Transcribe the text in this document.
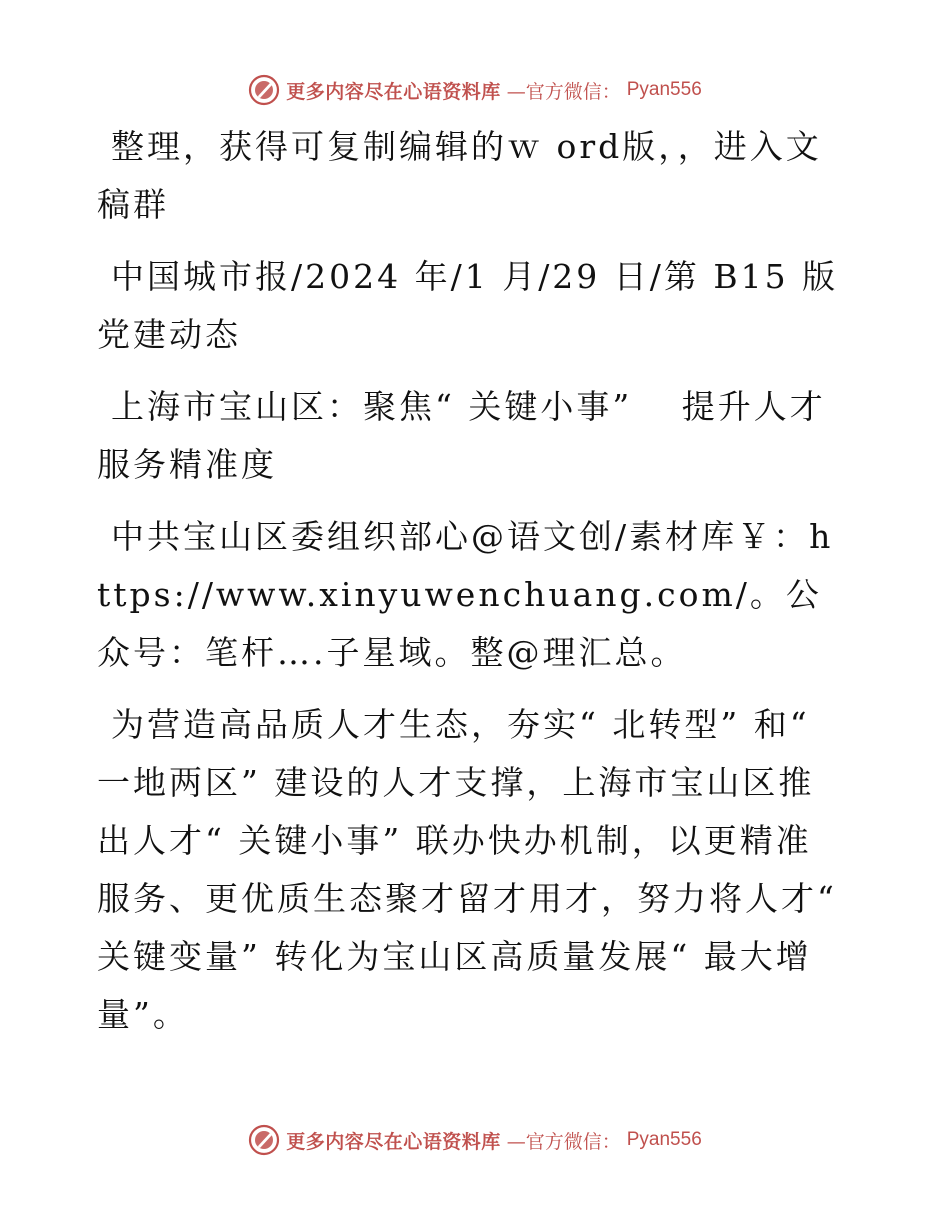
更多内容尽在心语资料库 —官方微信： Pyan556

整理，获得可复制编辑的ｗ ord版，，进入文稿群

中国城市报/2024 年/1 月/29 日/第 B15 版党建动态

上海市宝山区：聚焦“ 关键小事”　 提升人才服务精准度

中共宝山区委组织部心@语文创/素材库￥：https://www.xinyuwenchuang.com/。公众号：笔杆….子星域。整@理汇总。

为营造高品质人才生态，夯实“ 北转型” 和“ 一地两区” 建设的人才支撑，上海市宝山区推出人才“ 关键小事” 联办快办机制，以更精准服务、更优质生态聚才留才用才，努力将人才“ 关键变量” 转化为宝山区高质量发展“ 最大增量”。

更多内容尽在心语资料库 —官方微信： Pyan556
